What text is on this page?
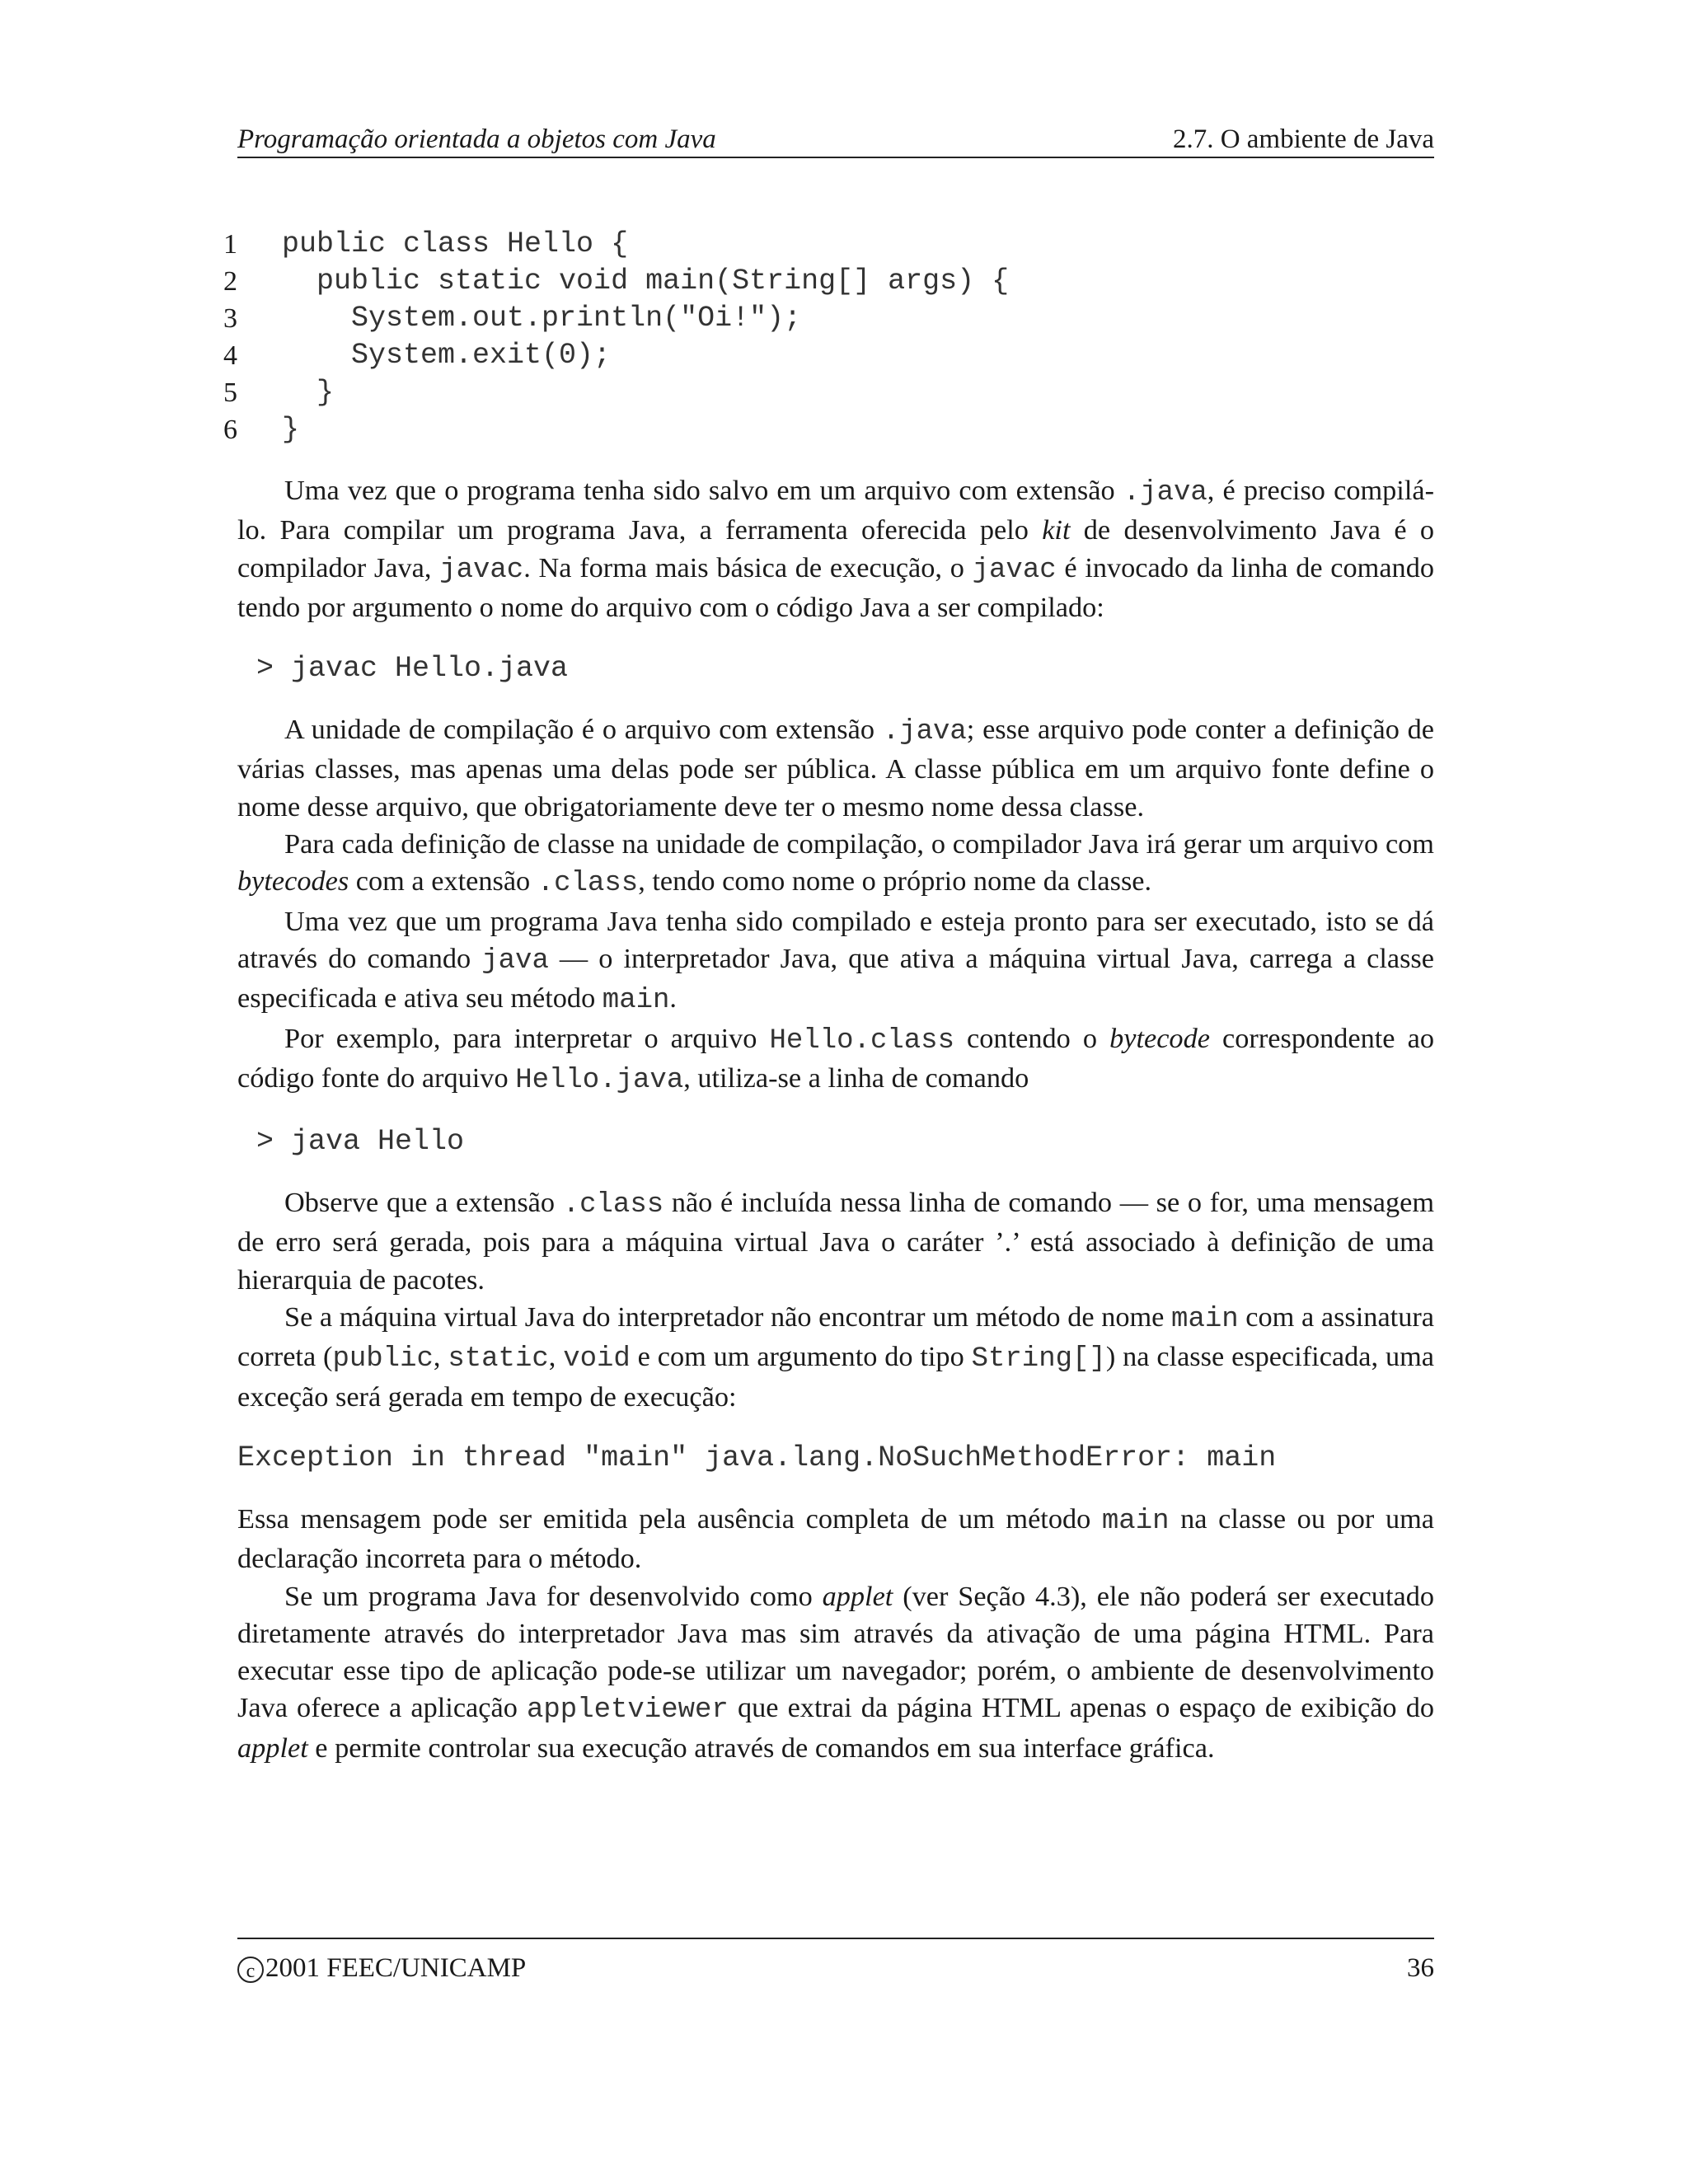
Programação orientada a objetos com Java	2.7. O ambiente de Java
1 public class Hello {
2 public static void main(String[] args) {
3 System.out.println("Oi!");
4 System.exit(0);
5 }
6 }

Uma vez que o programa tenha sido salvo em um arquivo com extensão .java, é preciso compilá-lo. Para compilar um programa Java, a ferramenta oferecida pelo kit de desenvolvimento Java é o compilador Java, javac. Na forma mais básica de execução, o javac é invocado da linha de comando tendo por argumento o nome do arquivo com o código Java a ser compilado:

> javac Hello.java

A unidade de compilação é o arquivo com extensão .java; esse arquivo pode conter a definição de várias classes, mas apenas uma delas pode ser pública. A classe pública em um arquivo fonte define o nome desse arquivo, que obrigatoriamente deve ter o mesmo nome dessa classe.

Para cada definição de classe na unidade de compilação, o compilador Java irá gerar um arquivo com bytecodes com a extensão .class, tendo como nome o próprio nome da classe.

Uma vez que um programa Java tenha sido compilado e esteja pronto para ser executado, isto se dá através do comando java — o interpretador Java, que ativa a máquina virtual Java, carrega a classe especificada e ativa seu método main.

Por exemplo, para interpretar o arquivo Hello.class contendo o bytecode correspondente ao código fonte do arquivo Hello.java, utiliza-se a linha de comando

> java Hello

Observe que a extensão .class não é incluída nessa linha de comando — se o for, uma mensagem de erro será gerada, pois para a máquina virtual Java o caráter ’.’ está associado à definição de uma hierarquia de pacotes.

Se a máquina virtual Java do interpretador não encontrar um método de nome main com a assinatura correta (public, static, void e com um argumento do tipo String[]) na classe especificada, uma exceção será gerada em tempo de execução:

Exception in thread "main" java.lang.NoSuchMethodError: main

Essa mensagem pode ser emitida pela ausência completa de um método main na classe ou por uma declaração incorreta para o método.

Se um programa Java for desenvolvido como applet (ver Seção 4.3), ele não poderá ser executado diretamente através do interpretador Java mas sim através da ativação de uma página HTML. Para executar esse tipo de aplicação pode-se utilizar um navegador; porém, o ambiente de desenvolvimento Java oferece a aplicação appletviewer que extrai da página HTML apenas o espaço de exibição do applet e permite controlar sua execução através de comandos em sua interface gráfica.

c 2001 FEEC/UNICAMP	36
